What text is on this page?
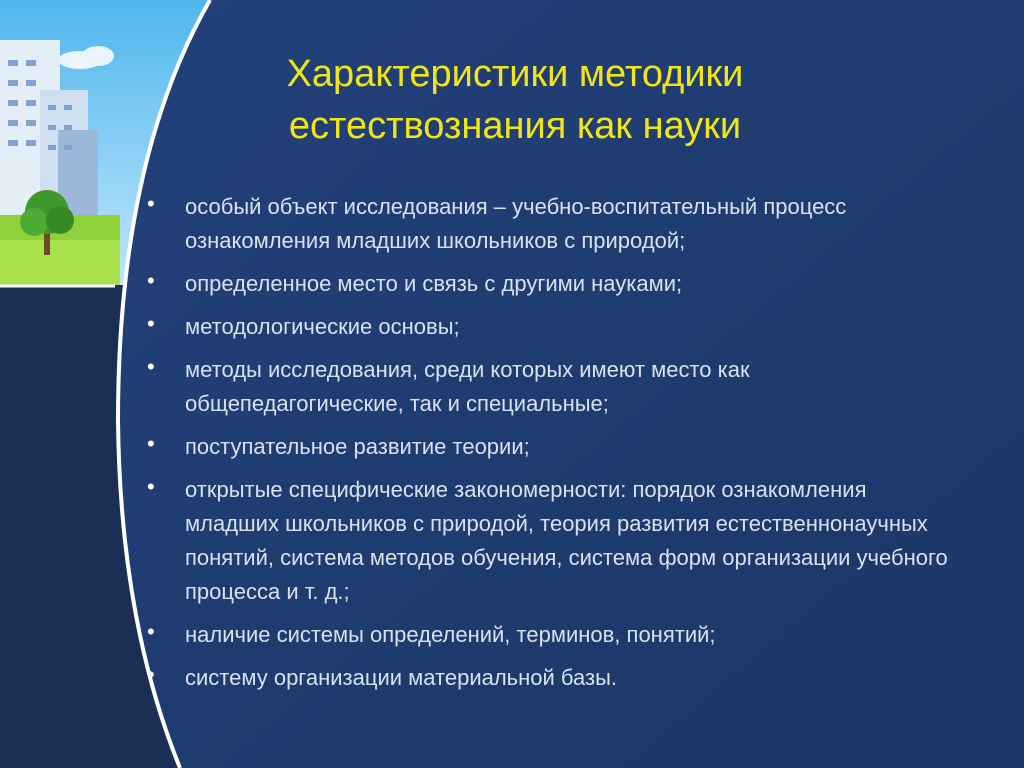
Характеристики методики
естествознания как науки
• особый объект исследования – учебно-воспитательный процесс ознакомления младших школьников с природой;
• определенное место и связь с другими науками;
• методологические основы;
• методы исследования, среди которых имеют место как общепедагогические, так и специальные;
• поступательное развитие теории;
• открытые специфические закономерности: порядок ознакомления младших школьников с природой, теория развития естественнонаучных понятий, система методов обучения, система форм организации учебного процесса и т. д.;
• наличие системы определений, терминов, понятий;
• систему организации материальной базы.
